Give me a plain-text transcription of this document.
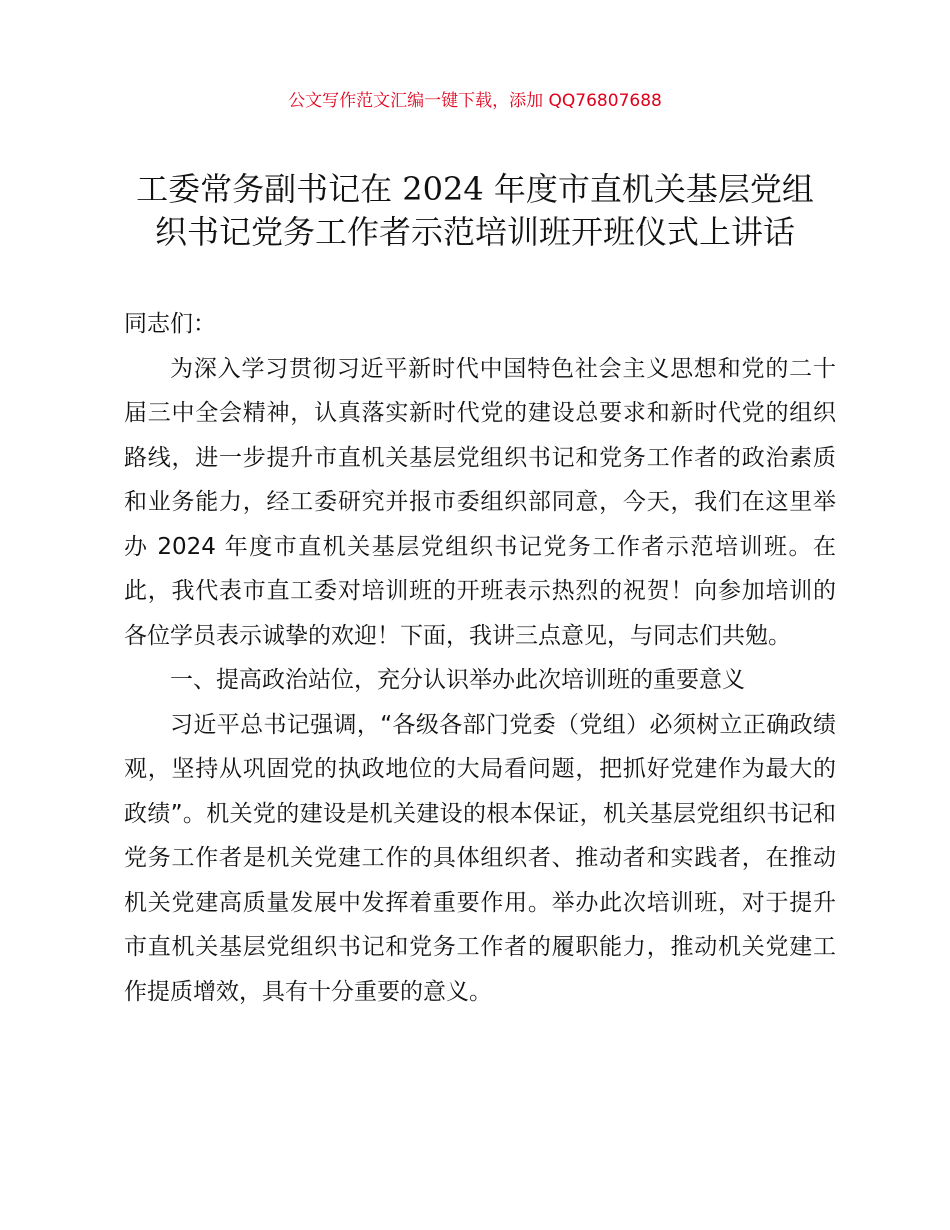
公文写作范文汇编一键下载，添加 QQ76807688
工委常务副书记在 2024 年度市直机关基层党组
织书记党务工作者示范培训班开班仪式上讲话

同志们：

为深入学习贯彻习近平新时代中国特色社会主义思想和党的二十届三中全会精神，认真落实新时代党的建设总要求和新时代党的组织路线，进一步提升市直机关基层党组织书记和党务工作者的政治素质和业务能力，经工委研究并报市委组织部同意，今天，我们在这里举办 2024 年度市直机关基层党组织书记党务工作者示范培训班。在此，我代表市直工委对培训班的开班表示热烈的祝贺！向参加培训的各位学员表示诚挚的欢迎！下面，我讲三点意见，与同志们共勉。

一、提高政治站位，充分认识举办此次培训班的重要意义

习近平总书记强调，“各级各部门党委（党组）必须树立正确政绩观，坚持从巩固党的执政地位的大局看问题，把抓好党建作为最大的政绩”。机关党的建设是机关建设的根本保证，机关基层党组织书记和党务工作者是机关党建工作的具体组织者、推动者和实践者，在推动机关党建高质量发展中发挥着重要作用。举办此次培训班，对于提升市直机关基层党组织书记和党务工作者的履职能力，推动机关党建工作提质增效，具有十分重要的意义。
